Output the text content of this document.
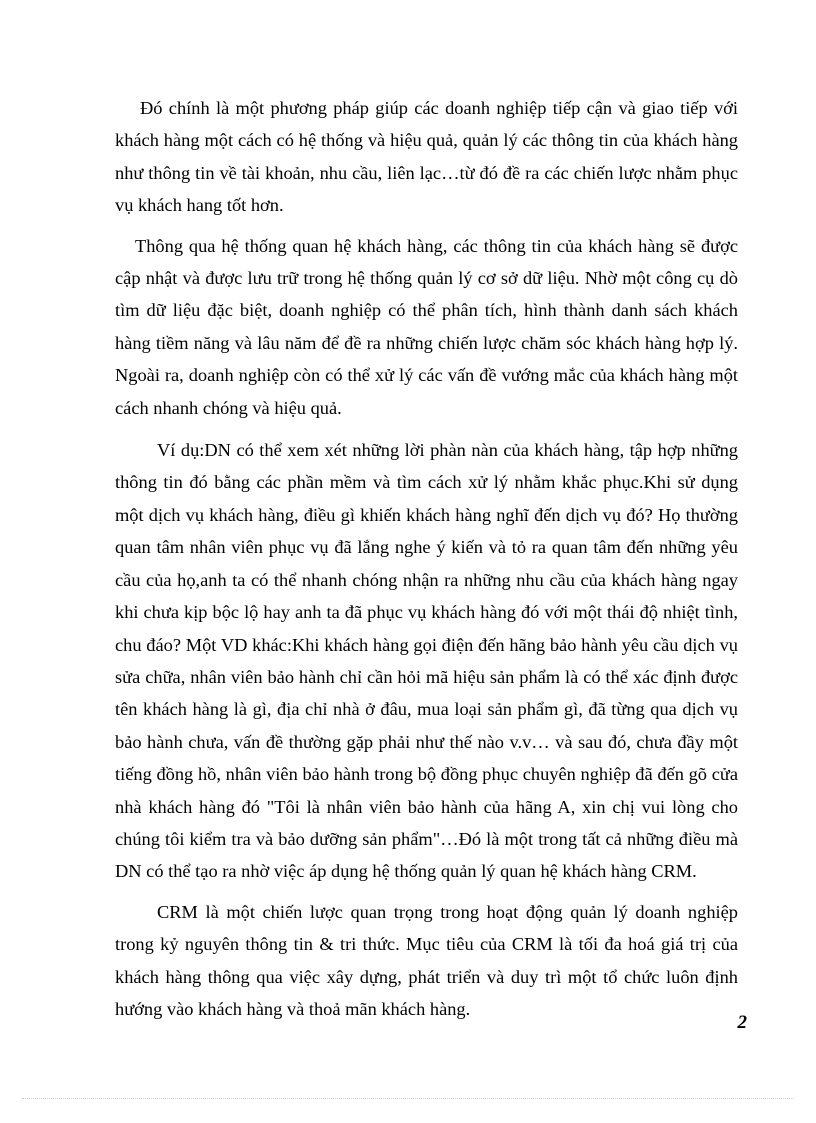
Đó chính là một phương pháp giúp các doanh nghiệp tiếp cận và giao tiếp với khách hàng một cách có hệ thống và hiệu quả, quản lý các thông tin của khách hàng như thông tin về tài khoản, nhu cầu, liên lạc…từ đó đề ra các chiến lược nhằm phục vụ khách hang tốt hơn.

Thông qua hệ thống quan hệ khách hàng, các thông tin của khách hàng sẽ được cập nhật và được lưu trữ trong hệ thống quản lý cơ sở dữ liệu. Nhờ một công cụ dò tìm dữ liệu đặc biệt, doanh nghiệp có thể phân tích, hình thành danh sách khách hàng tiềm năng và lâu năm để đề ra những chiến lược chăm sóc khách hàng hợp lý. Ngoài ra, doanh nghiệp còn có thể xử lý các vấn đề vướng mắc của khách hàng một cách nhanh chóng và hiệu quả.

Ví dụ:DN có thể xem xét những lời phàn nàn của khách hàng, tập hợp những thông tin đó bằng các phần mềm và tìm cách xử lý nhằm khắc phục.Khi sử dụng một dịch vụ khách hàng, điều gì khiến khách hàng nghĩ đến dịch vụ đó? Họ thường quan tâm nhân viên phục vụ đã lắng nghe ý kiến và tỏ ra quan tâm đến những yêu cầu của họ,anh ta có thể nhanh chóng nhận ra những nhu cầu của khách hàng ngay khi chưa kịp bộc lộ hay anh ta đã phục vụ khách hàng đó với một thái độ nhiệt tình, chu đáo? Một VD khác:Khi khách hàng gọi điện đến hãng bảo hành yêu cầu dịch vụ sửa chữa, nhân viên bảo hành chỉ cần hỏi mã hiệu sản phẩm là có thể xác định được tên khách hàng là gì, địa chỉ nhà ở đâu, mua loại sản phẩm gì, đã từng qua dịch vụ bảo hành chưa, vấn đề thường gặp phải như thế nào v.v… và sau đó, chưa đầy một tiếng đồng hồ, nhân viên bảo hành trong bộ đồng phục chuyên nghiệp đã đến gõ cửa nhà khách hàng đó "Tôi là nhân viên bảo hành của hãng A, xin chị vui lòng cho chúng tôi kiểm tra và bảo dưỡng sản phẩm"…Đó là một trong tất cả những điều mà DN có thể tạo ra nhờ việc áp dụng hệ thống quản lý quan hệ khách hàng CRM.

CRM là một chiến lược quan trọng trong hoạt động quản lý doanh nghiệp trong kỷ nguyên thông tin & tri thức. Mục tiêu của CRM là tối đa hoá giá trị của khách hàng thông qua việc xây dựng, phát triển và duy trì một tổ chức luôn định hướng vào khách hàng và thoả mãn khách hàng.

2
